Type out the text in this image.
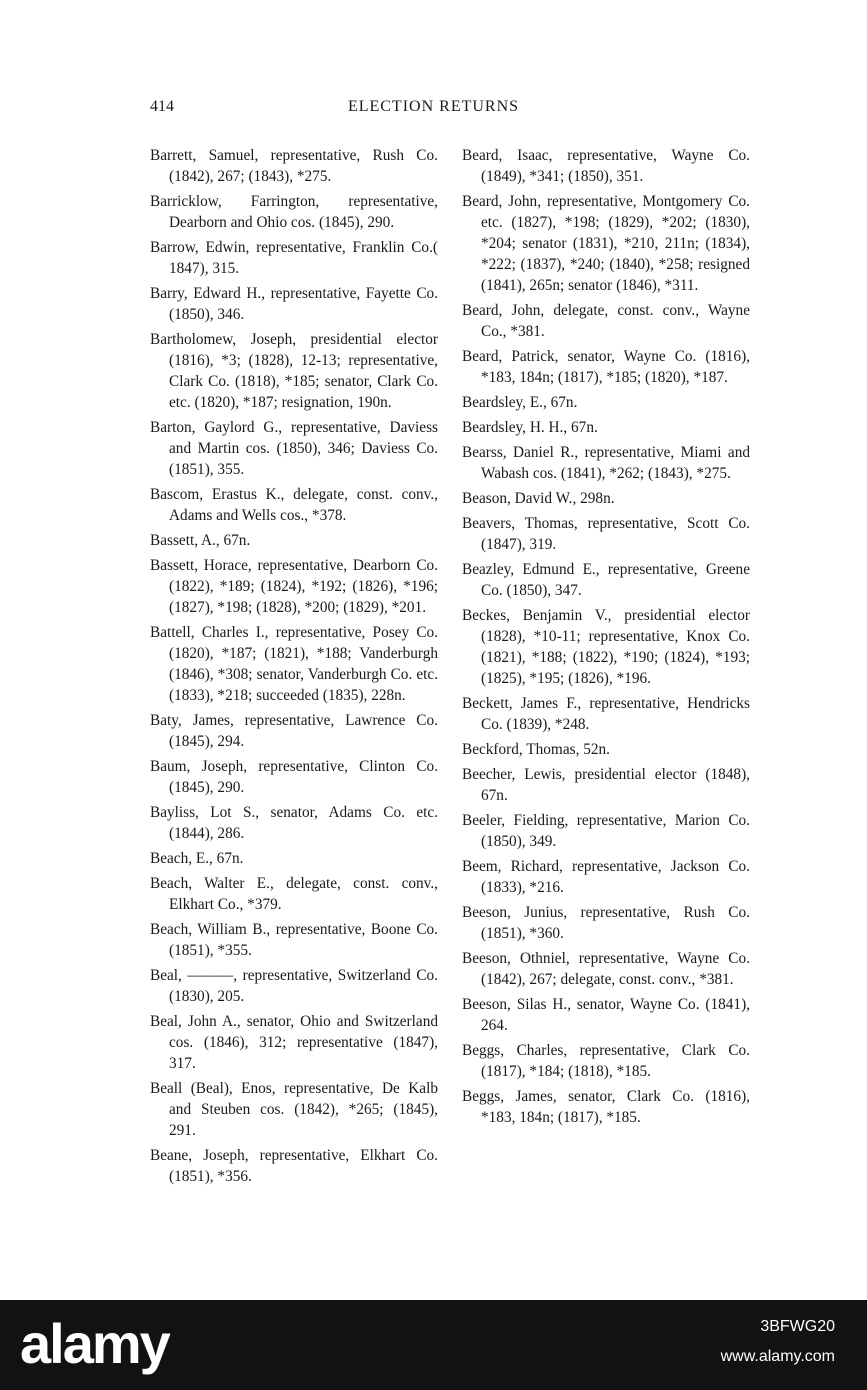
414	ELECTION RETURNS

Barrett, Samuel, representative, Rush Co. (1842), 267; (1843), *275.

Barricklow, Farrington, representative, Dearborn and Ohio cos. (1845), 290.

Barrow, Edwin, representative, Franklin Co.( 1847), 315.

Barry, Edward H., representative, Fayette Co. (1850), 346.

Bartholomew, Joseph, presidential elector (1816), *3; (1828), 12-13; representative, Clark Co. (1818), *185; senator, Clark Co. etc. (1820), *187; resignation, 190n.

Barton, Gaylord G., representative, Daviess and Martin cos. (1850), 346; Daviess Co. (1851), 355.

Bascom, Erastus K., delegate, const. conv., Adams and Wells cos., *378.

Bassett, A., 67n.

Bassett, Horace, representative, Dearborn Co. (1822), *189; (1824), *192; (1826), *196; (1827), *198; (1828), *200; (1829), *201.

Battell, Charles I., representative, Posey Co. (1820), *187; (1821), *188; Vanderburgh (1846), *308; senator, Vanderburgh Co. etc. (1833), *218; succeeded (1835), 228n.

Baty, James, representative, Lawrence Co. (1845), 294.

Baum, Joseph, representative, Clinton Co. (1845), 290.

Bayliss, Lot S., senator, Adams Co. etc. (1844), 286.

Beach, E., 67n.

Beach, Walter E., delegate, const. conv., Elkhart Co., *379.

Beach, William B., representative, Boone Co. (1851), *355.

Beal, ———, representative, Switzerland Co. (1830), 205.

Beal, John A., senator, Ohio and Switzerland cos. (1846), 312; representative (1847), 317.

Beall (Beal), Enos, representative, De Kalb and Steuben cos. (1842), *265; (1845), 291.

Beane, Joseph, representative, Elkhart Co. (1851), *356.

Beard, Isaac, representative, Wayne Co. (1849), *341; (1850), 351.

Beard, John, representative, Montgomery Co. etc. (1827), *198; (1829), *202; (1830), *204; senator (1831), *210, 211n; (1834), *222; (1837), *240; (1840), *258; resigned (1841), 265n; senator (1846), *311.

Beard, John, delegate, const. conv., Wayne Co., *381.

Beard, Patrick, senator, Wayne Co. (1816), *183, 184n; (1817), *185; (1820), *187.

Beardsley, E., 67n.

Beardsley, H. H., 67n.

Bearss, Daniel R., representative, Miami and Wabash cos. (1841), *262; (1843), *275.

Beason, David W., 298n.

Beavers, Thomas, representative, Scott Co. (1847), 319.

Beazley, Edmund E., representative, Greene Co. (1850), 347.

Beckes, Benjamin V., presidential elector (1828), *10-11; representative, Knox Co. (1821), *188; (1822), *190; (1824), *193; (1825), *195; (1826), *196.

Beckett, James F., representative, Hendricks Co. (1839), *248.

Beckford, Thomas, 52n.

Beecher, Lewis, presidential elector (1848), 67n.

Beeler, Fielding, representative, Marion Co. (1850), 349.

Beem, Richard, representative, Jackson Co. (1833), *216.

Beeson, Junius, representative, Rush Co. (1851), *360.

Beeson, Othniel, representative, Wayne Co. (1842), 267; delegate, const. conv., *381.

Beeson, Silas H., senator, Wayne Co. (1841), 264.

Beggs, Charles, representative, Clark Co. (1817), *184; (1818), *185.

Beggs, James, senator, Clark Co. (1816), *183, 184n; (1817), *185.

alamy	3BFWG20
www.alamy.com
